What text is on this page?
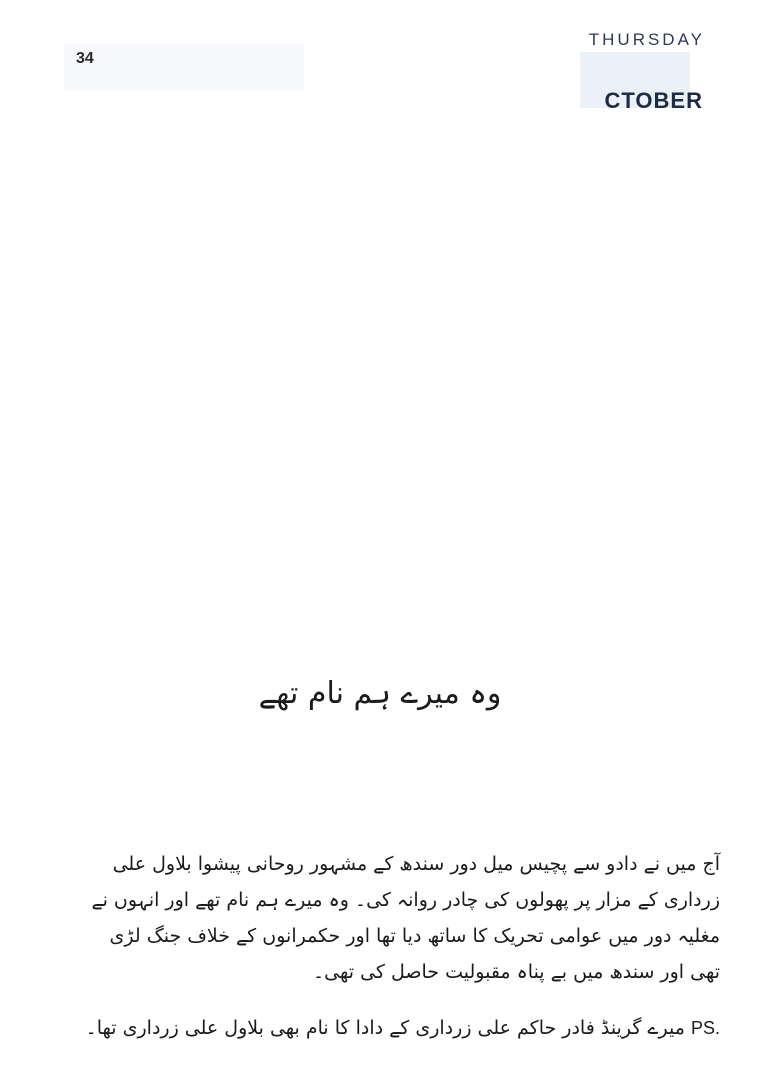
34
THURSDAY
CTOBER
وہ میرے ہم نام تھے
آج میں نے دادو سے پچیس میل دور سندھ کے مشہور روحانی پیشوا بلاول علی زرداری کے مزار پر پھولوں کی چادر روانہ کی۔ وہ میرے ہم نام تھے اور انہوں نے مغلیہ دور میں عوامی تحریک کا ساتھ دیا تھا اور حکمرانوں کے خلاف جنگ لڑی تھی اور سندھ میں بے پناہ مقبولیت حاصل کی تھی۔
PS. میرے گرینڈ فادر حاکم علی زرداری کے دادا کا نام بھی بلاول علی زرداری تھا۔
